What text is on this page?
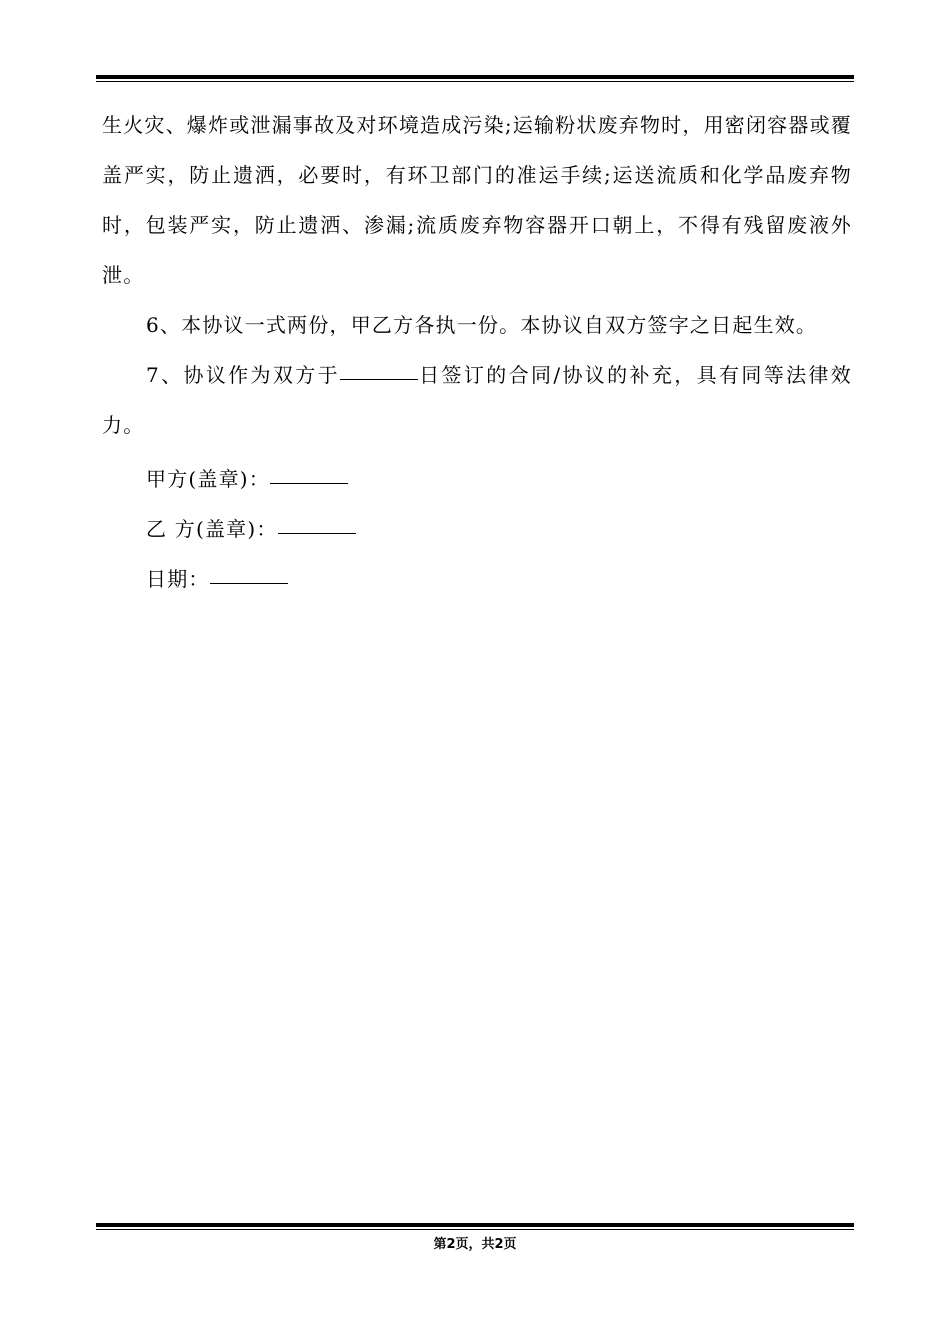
生火灾、爆炸或泄漏事故及对环境造成污染;运输粉状废弃物时，用密闭容器或覆盖严实，防止遗洒，必要时，有环卫部门的准运手续;运送流质和化学品废弃物时，包装严实，防止遗洒、渗漏;流质废弃物容器开口朝上，不得有残留废液外泄。

6、本协议一式两份，甲乙方各执一份。本协议自双方签字之日起生效。

7、协议作为双方于	日签订的合同/协议的补充，具有同等法律效力。

甲方(盖章)：
乙 方(盖章)：
日期：
第2页，共2页
